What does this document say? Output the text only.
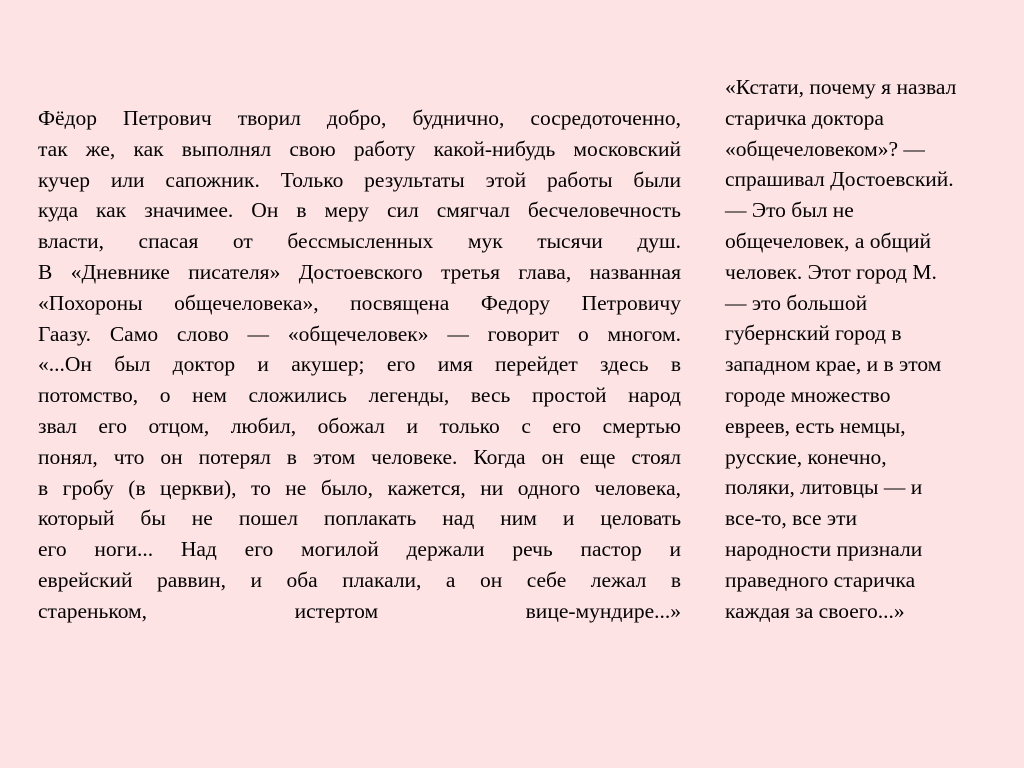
Фёдор Петрович творил добро, буднично, сосредоточенно,
так же, как выполнял свою работу какой-нибудь московский
кучер или сапожник. Только результаты этой работы были
куда как значимее. Он в меру сил смягчал бесчеловечность
власти, спасая от бессмысленных мук тысячи душ.
В «Дневнике писателя» Достоевского третья глава, названная
«Похороны общечеловека», посвящена Федору Петровичу
Гаазу. Само слово — «общечеловек» — говорит о многом.
«...Он был доктор и акушер; его имя перейдет здесь в
потомство, о нем сложились легенды, весь простой народ
звал его отцом, любил, обожал и только с его смертью
понял, что он потерял в этом человеке. Когда он еще стоял
в гробу (в церкви), то не было, кажется, ни одного человека,
который бы не пошел поплакать над ним и целовать
его ноги... Над его могилой держали речь пастор и
еврейский раввин, и оба плакали, а он себе лежал в
стареньком, истертом вице-мундире...»
«Кстати, почему я назвал
старичка доктора
«общечеловеком»? —
спрашивал Достоевский.
— Это был не
общечеловек, а общий
человек. Этот город М.
— это большой
губернский город в
западном крае, и в этом
городе множество
евреев, есть немцы,
русские, конечно,
поляки, литовцы — и
все-то, все эти
народности признали
праведного старичка
каждая за своего...»
